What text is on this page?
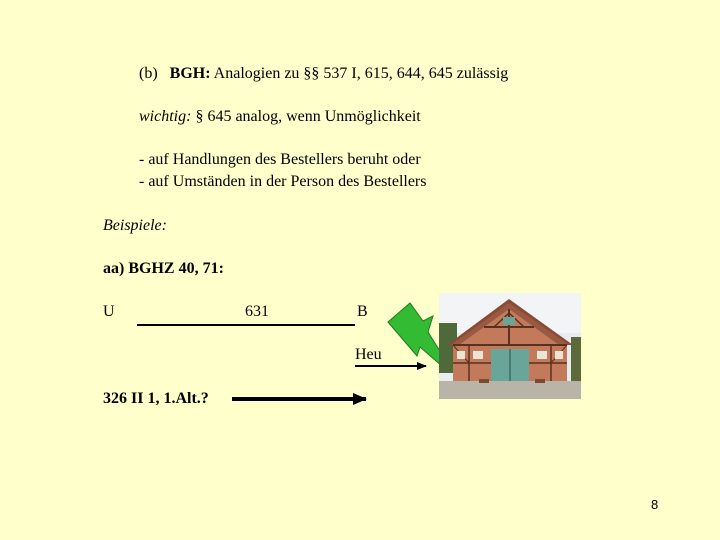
(b) BGH: Analogien zu §§ 537 I, 615, 644, 645 zulässig
wichtig: § 645 analog, wenn Unmöglichkeit
- auf Handlungen des Bestellers beruht oder
- auf Umständen in der Person des Bestellers
Beispiele:
aa) BGHZ 40, 71:
U	631	B
Heu
326 II 1, 1.Alt.?
8
